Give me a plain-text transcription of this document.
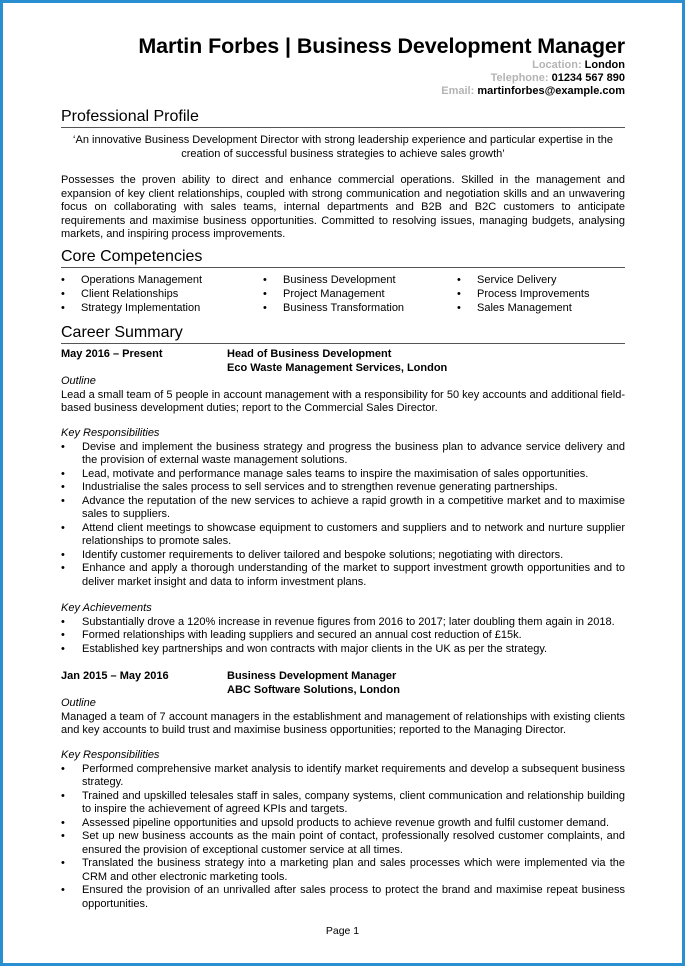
Martin Forbes | Business Development Manager
Location: London
Telephone: 01234 567 890
Email: martinforbes@example.com
Professional Profile
‘An innovative Business Development Director with strong leadership experience and particular expertise in the creation of successful business strategies to achieve sales growth’
Possesses the proven ability to direct and enhance commercial operations. Skilled in the management and expansion of key client relationships, coupled with strong communication and negotiation skills and an unwavering focus on collaborating with sales teams, internal departments and B2B and B2C customers to anticipate requirements and maximise business opportunities. Committed to resolving issues, managing budgets, analysing markets, and inspiring process improvements.
Core Competencies
• Operations Management
• Client Relationships
• Strategy Implementation
• Business Development
• Project Management
• Business Transformation
• Service Delivery
• Process Improvements
• Sales Management
Career Summary
May 2016 – Present	Head of Business Development
Eco Waste Management Services, London
Outline
Lead a small team of 5 people in account management with a responsibility for 50 key accounts and additional field-based business development duties; report to the Commercial Sales Director.
Key Responsibilities
• Devise and implement the business strategy and progress the business plan to advance service delivery and the provision of external waste management solutions.
• Lead, motivate and performance manage sales teams to inspire the maximisation of sales opportunities.
• Industrialise the sales process to sell services and to strengthen revenue generating partnerships.
• Advance the reputation of the new services to achieve a rapid growth in a competitive market and to maximise sales to suppliers.
• Attend client meetings to showcase equipment to customers and suppliers and to network and nurture supplier relationships to promote sales.
• Identify customer requirements to deliver tailored and bespoke solutions; negotiating with directors.
• Enhance and apply a thorough understanding of the market to support investment growth opportunities and to deliver market insight and data to inform investment plans.
Key Achievements
• Substantially drove a 120% increase in revenue figures from 2016 to 2017; later doubling them again in 2018.
• Formed relationships with leading suppliers and secured an annual cost reduction of £15k.
• Established key partnerships and won contracts with major clients in the UK as per the strategy.
Jan 2015 – May 2016	Business Development Manager
ABC Software Solutions, London
Outline
Managed a team of 7 account managers in the establishment and management of relationships with existing clients and key accounts to build trust and maximise business opportunities; reported to the Managing Director.
Key Responsibilities
• Performed comprehensive market analysis to identify market requirements and develop a subsequent business strategy.
• Trained and upskilled telesales staff in sales, company systems, client communication and relationship building to inspire the achievement of agreed KPIs and targets.
• Assessed pipeline opportunities and upsold products to achieve revenue growth and fulfil customer demand.
• Set up new business accounts as the main point of contact, professionally resolved customer complaints, and ensured the provision of exceptional customer service at all times.
• Translated the business strategy into a marketing plan and sales processes which were implemented via the CRM and other electronic marketing tools.
• Ensured the provision of an unrivalled after sales process to protect the brand and maximise repeat business opportunities.
Page 1
